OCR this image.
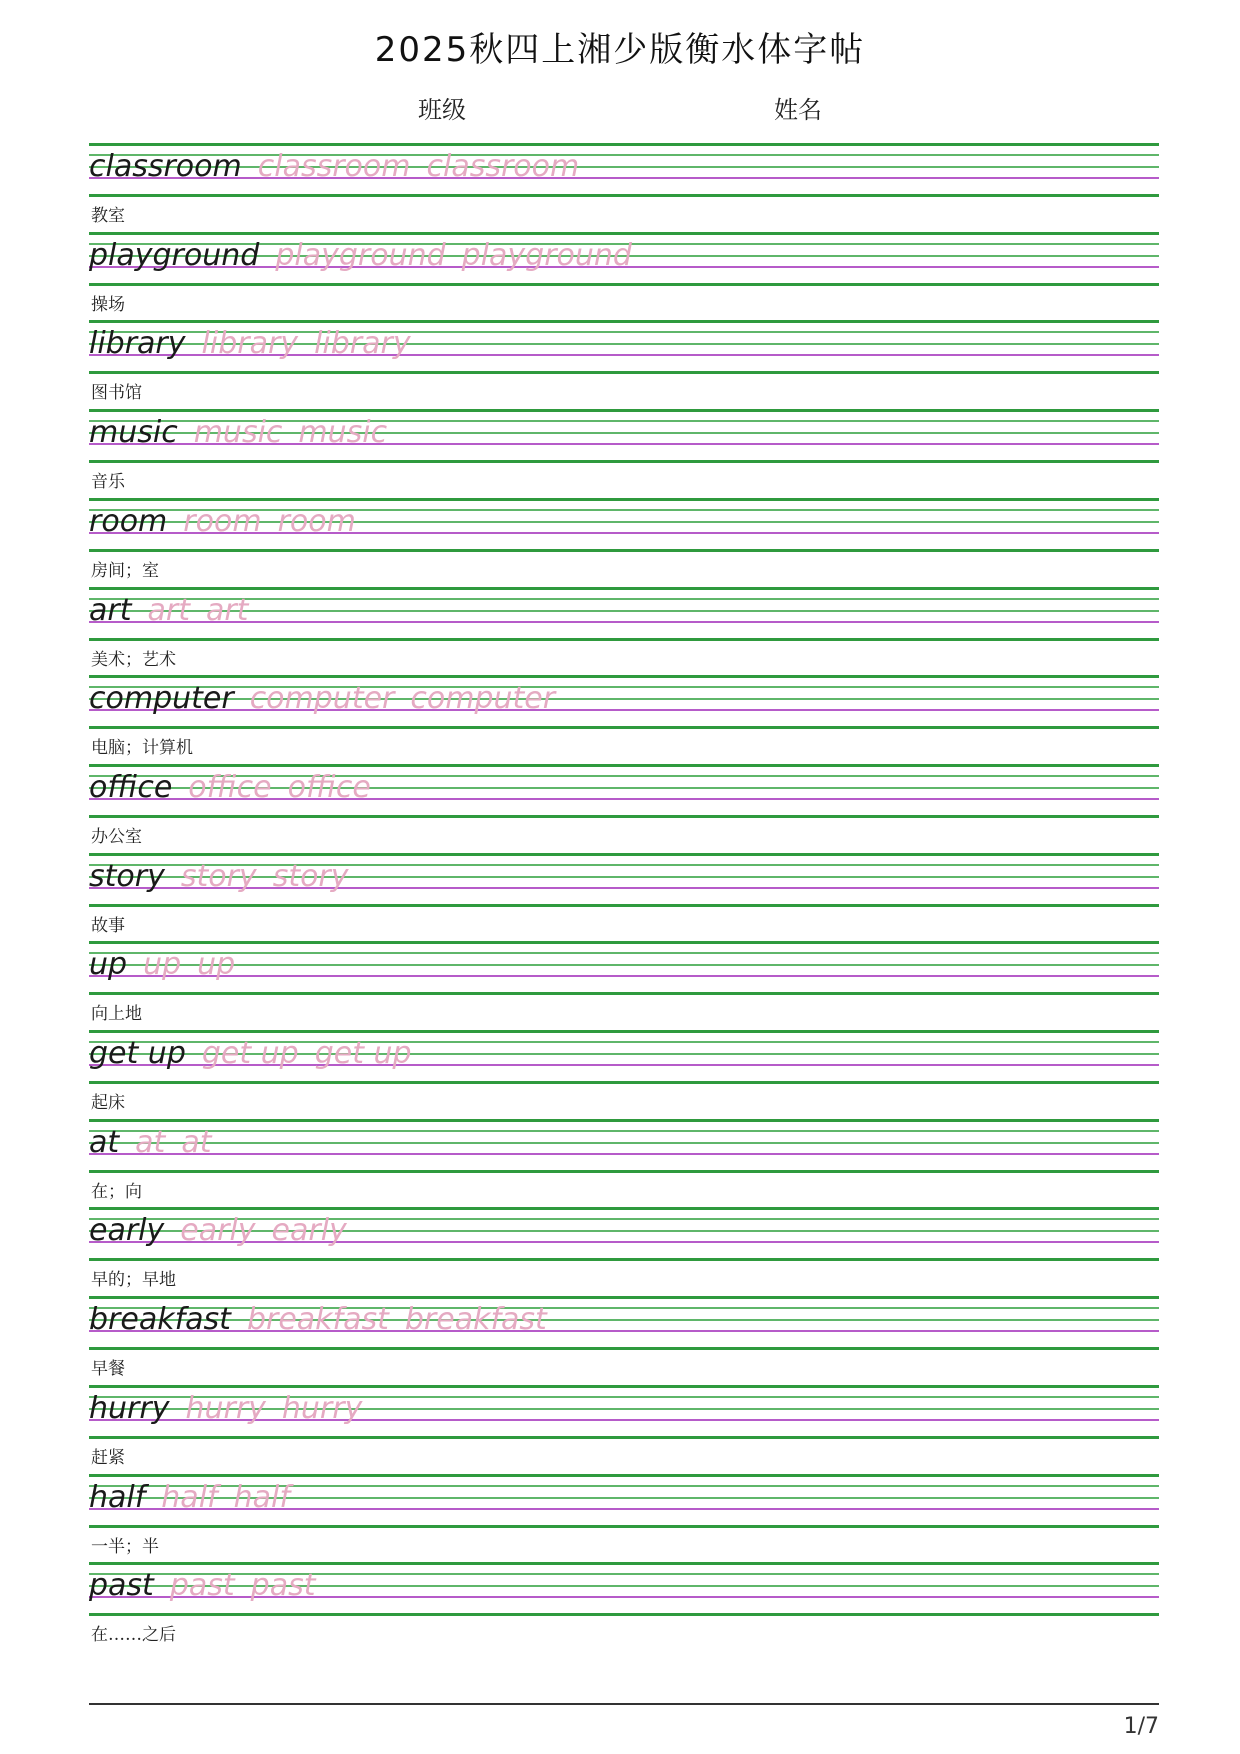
2025秋四上湘少版衡水体字帖
班级	姓名
classroom classroom classroom
教室
playground playground playground
操场
library library library
图书馆
music music music
音乐
room room room
房间；室
art art art
美术；艺术
computer computer computer
电脑；计算机
office office office
办公室
story story story
故事
up up up
向上地
get up get up get up
起床
at at at
在；向
early early early
早的；早地
breakfast breakfast breakfast
早餐
hurry hurry hurry
赶紧
half half half
一半；半
past past past
在……之后
1/7
